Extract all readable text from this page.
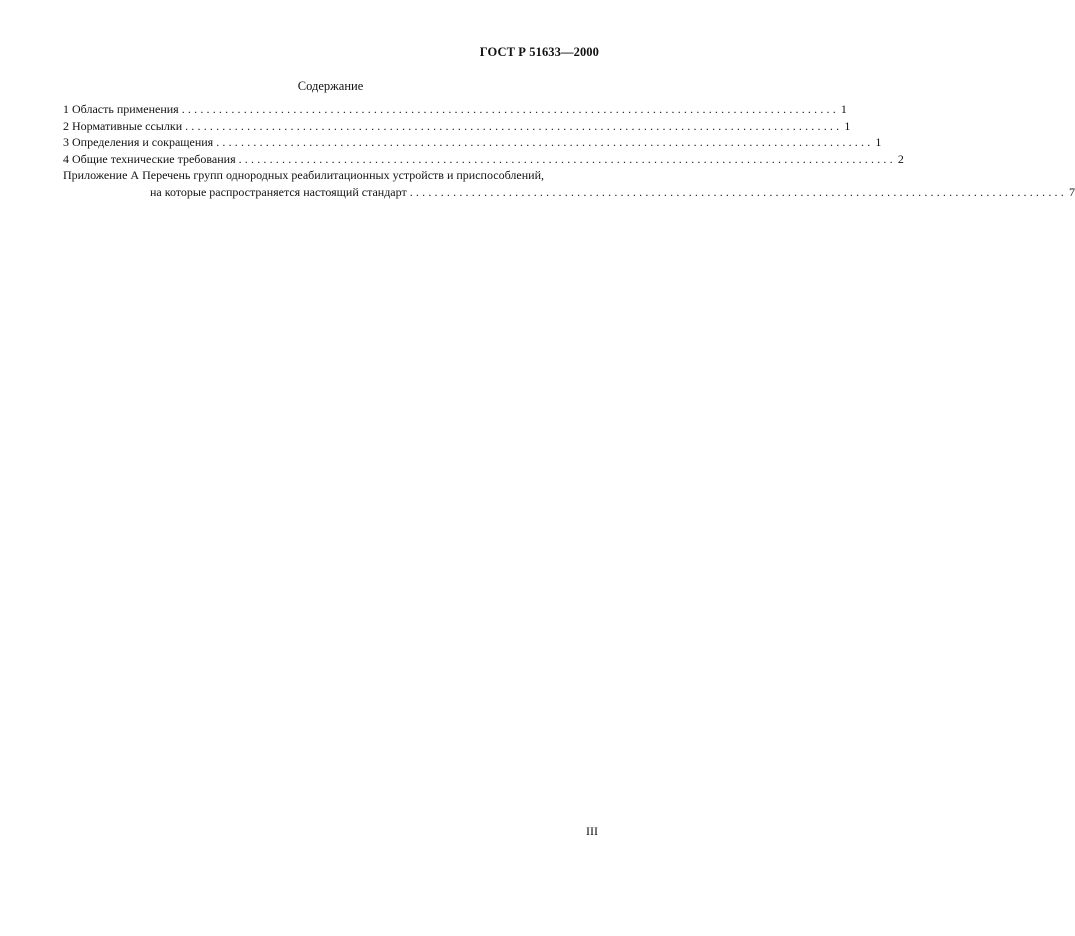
ГОСТ Р 51633—2000
Содержание
1 Область применения .......................................................................................................... 1
2 Нормативные ссылки .......................................................................................................... 1
3 Определения и сокращения .......................................................................................................... 1
4 Общие технические требования .......................................................................................................... 2
Приложение А Перечень групп однородных реабилитационных устройств и приспособлений,
на которые распространяется настоящий стандарт .......................................................................................................... 7
III
